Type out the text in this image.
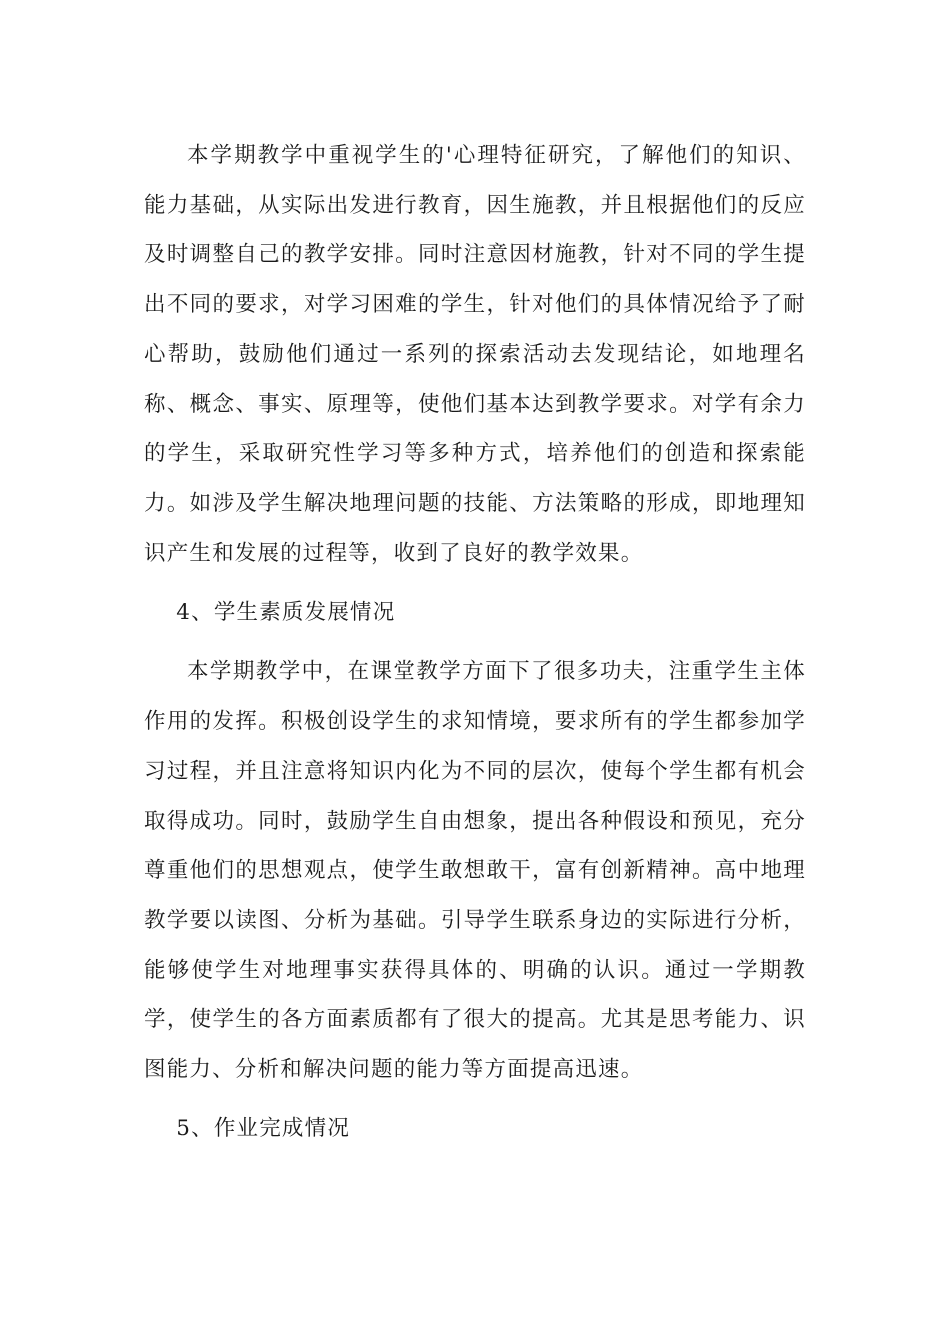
本学期教学中重视学生的'心理特征研究，了解他们的知识、能力基础，从实际出发进行教育，因生施教，并且根据他们的反应及时调整自己的教学安排。同时注意因材施教，针对不同的学生提出不同的要求，对学习困难的学生，针对他们的具体情况给予了耐心帮助，鼓励他们通过一系列的探索活动去发现结论，如地理名称、概念、事实、原理等，使他们基本达到教学要求。对学有余力的学生，采取研究性学习等多种方式，培养他们的创造和探索能力。如涉及学生解决地理问题的技能、方法策略的形成，即地理知识产生和发展的过程等，收到了良好的教学效果。

4、学生素质发展情况

本学期教学中，在课堂教学方面下了很多功夫，注重学生主体作用的发挥。积极创设学生的求知情境，要求所有的学生都参加学习过程，并且注意将知识内化为不同的层次，使每个学生都有机会取得成功。同时，鼓励学生自由想象，提出各种假设和预见，充分尊重他们的思想观点，使学生敢想敢干，富有创新精神。高中地理教学要以读图、分析为基础。引导学生联系身边的实际进行分析，能够使学生对地理事实获得具体的、明确的认识。通过一学期教学，使学生的各方面素质都有了很大的提高。尤其是思考能力、识图能力、分析和解决问题的能力等方面提高迅速。

5、作业完成情况
